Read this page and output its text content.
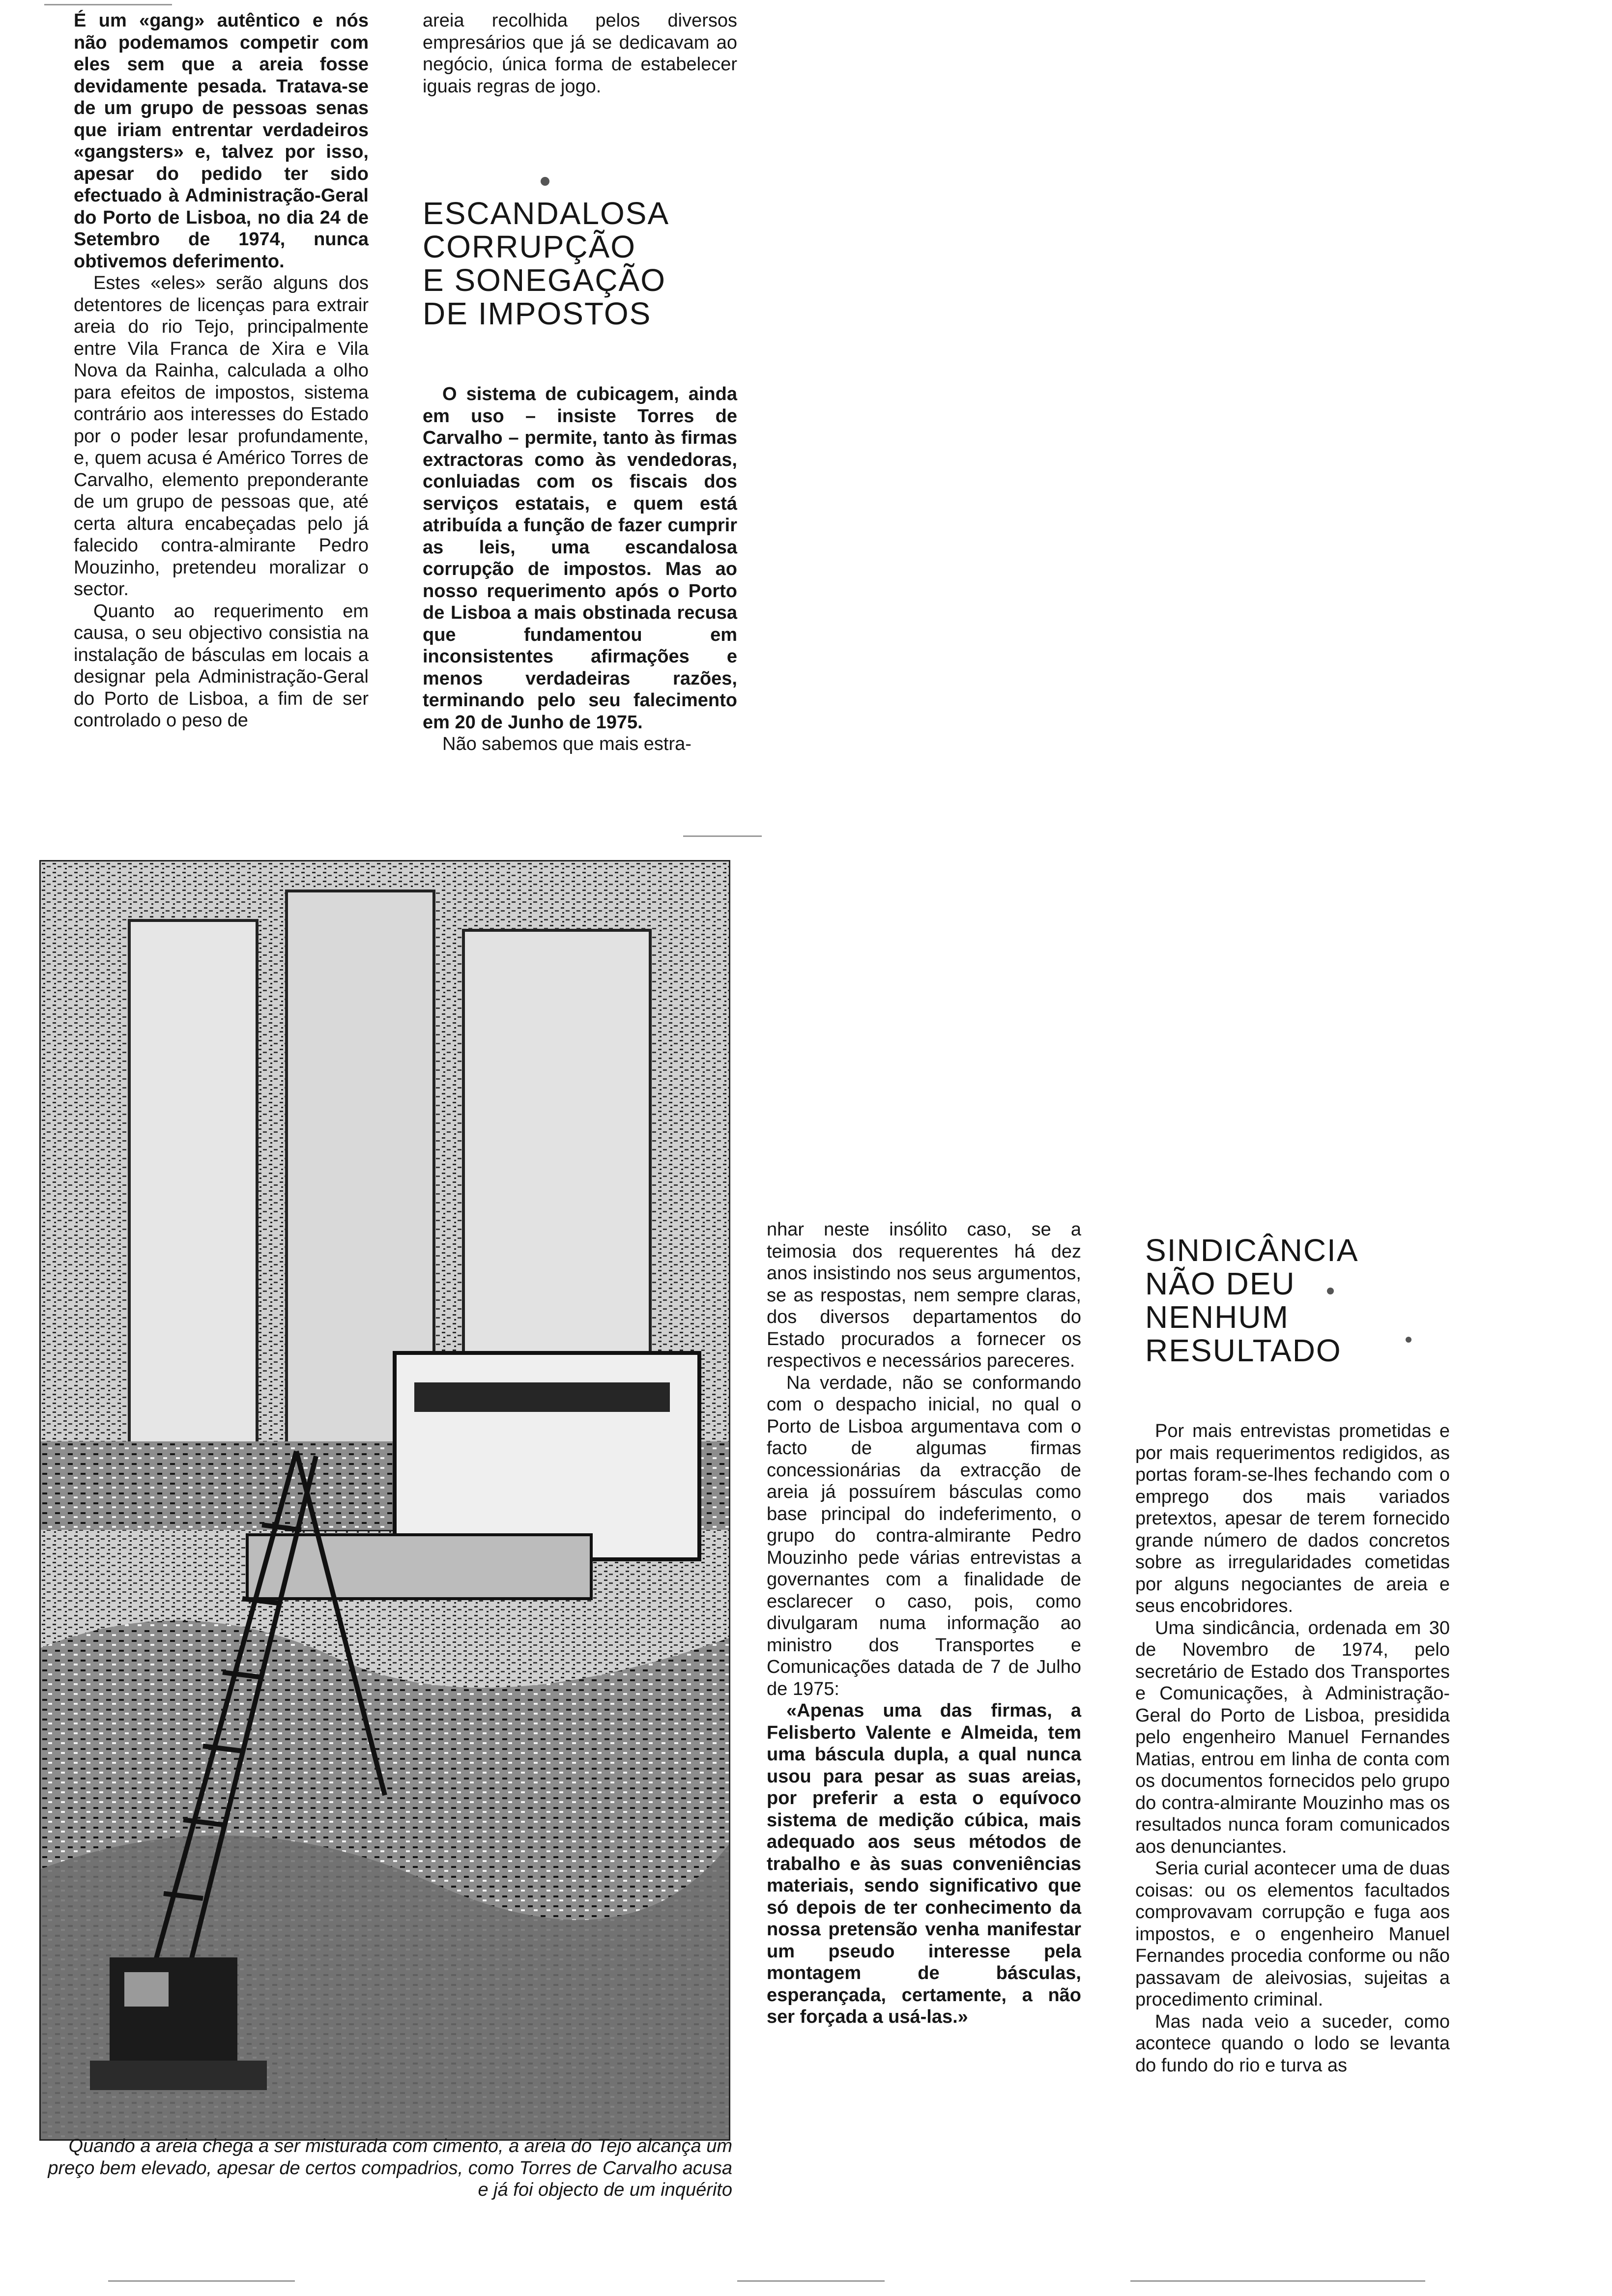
É um «gang» autêntico e nós não podemamos competir com eles sem que a areia fosse devidamente pesada. Tratava-se de um grupo de pessoas senas que iriam entrentar verdadeiros «gangsters» e, talvez por isso, apesar do pedido ter sido efectuado à Administração-Geral do Porto de Lisboa, no dia 24 de Setembro de 1974, nunca obtivemos deferimento.

Estes «eles» serão alguns dos detentores de licenças para extrair areia do rio Tejo, principalmente entre Vila Franca de Xira e Vila Nova da Rainha, calculada a olho para efeitos de impostos, sistema contrário aos interesses do Estado por o poder lesar profundamente, e, quem acusa é Américo Torres de Carvalho, elemento preponderante de um grupo de pessoas que, até certa altura encabeçadas pelo já falecido contra-almirante Pedro Mouzinho, pretendeu moralizar o sector.

Quanto ao requerimento em causa, o seu objectivo consistia na instalação de básculas em locais a designar pela Administração-Geral do Porto de Lisboa, a fim de ser controlado o peso de

areia recolhida pelos diversos empresários que já se dedicavam ao negócio, única forma de estabelecer iguais regras de jogo.

ESCANDALOSA
CORRUPÇÃO
E SONEGAÇÃO
DE IMPOSTOS

O sistema de cubicagem, ainda em uso – insiste Torres de Carvalho – permite, tanto às firmas extractoras como às vendedoras, conluiadas com os fiscais dos serviços estatais, e quem está atribuída a função de fazer cumprir as leis, uma escandalosa corrupção de impostos. Mas ao nosso requerimento após o Porto de Lisboa a mais obstinada recusa que fundamentou em inconsistentes afirmações e menos verdadeiras razões, terminando pelo seu falecimento em 20 de Junho de 1975.

Não sabemos que mais estra-

Quando a areia chega a ser misturada com cimento, a areia do Tejo alcança um preço bem elevado, apesar de certos compadrios, como Torres de Carvalho acusa e já foi objecto de um inquérito

nhar neste insólito caso, se a teimosia dos requerentes há dez anos insistindo nos seus argumentos, se as respostas, nem sempre claras, dos diversos departamentos do Estado procurados a fornecer os respectivos e necessários pareceres.

Na verdade, não se conformando com o despacho inicial, no qual o Porto de Lisboa argumentava com o facto de algumas firmas concessionárias da extracção de areia já possuírem básculas como base principal do indeferimento, o grupo do contra-almirante Pedro Mouzinho pede várias entrevistas a governantes com a finalidade de esclarecer o caso, pois, como divulgaram numa informação ao ministro dos Transportes e Comunicações datada de 7 de Julho de 1975:

«Apenas uma das firmas, a Felisberto Valente e Almeida, tem uma báscula dupla, a qual nunca usou para pesar as suas areias, por preferir a esta o equívoco sistema de medição cúbica, mais adequado aos seus métodos de trabalho e às suas conveniências materiais, sendo significativo que só depois de ter conhecimento da nossa pretensão venha manifestar um pseudo interesse pela montagem de básculas, esperançada, certamente, a não ser forçada a usá-las.»

SINDICÂNCIA
NÃO DEU
NENHUM
RESULTADO

Por mais entrevistas prometidas e por mais requerimentos redigidos, as portas foram-se-lhes fechando com o emprego dos mais variados pretextos, apesar de terem fornecido grande número de dados concretos sobre as irregularidades cometidas por alguns negociantes de areia e seus encobridores.

Uma sindicância, ordenada em 30 de Novembro de 1974, pelo secretário de Estado dos Transportes e Comunicações, à Administração-Geral do Porto de Lisboa, presidida pelo engenheiro Manuel Fernandes Matias, entrou em linha de conta com os documentos fornecidos pelo grupo do contra-almirante Mouzinho mas os resultados nunca foram comunicados aos denunciantes.

Seria curial acontecer uma de duas coisas: ou os elementos facultados comprovavam corrupção e fuga aos impostos, e o engenheiro Manuel Fernandes procedia conforme ou não passavam de aleivosias, sujeitas a procedimento criminal.

Mas nada veio a suceder, como acontece quando o lodo se levanta do fundo do rio e turva as
